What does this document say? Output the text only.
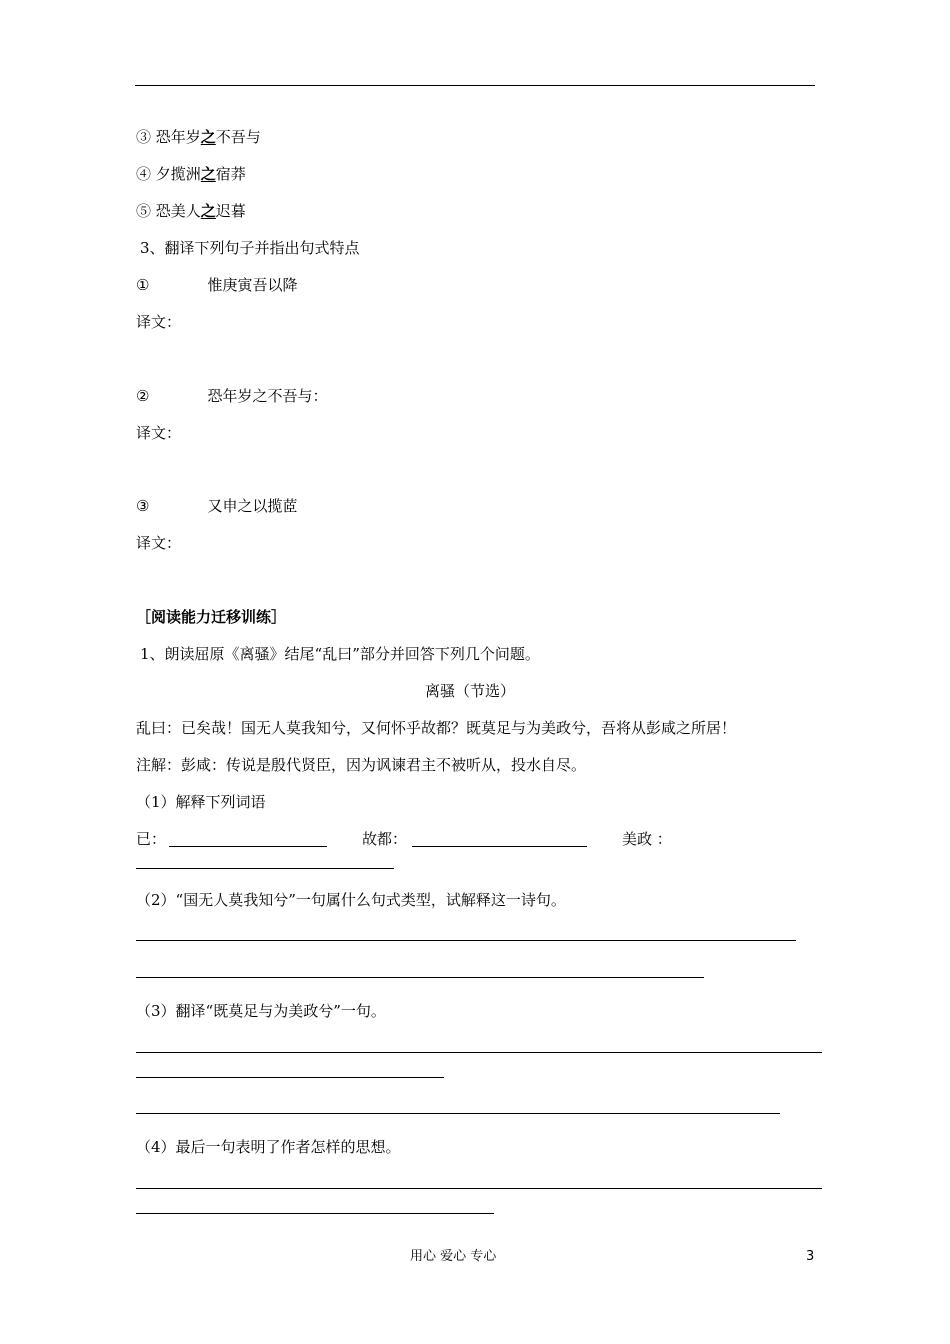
③ 恐年岁之不吾与
④ 夕揽洲之宿莽
⑤ 恐美人之迟暮
3、翻译下列句子并指出句式特点
①	惟庚寅吾以降
译文：
②	恐年岁之不吾与：
译文：
③	又申之以揽茝
译文：
［阅读能力迁移训练］
1、朗读屈原《离骚》结尾“乱曰”部分并回答下列几个问题。
离骚（节选）
乱曰：已矣哉！国无人莫我知兮，又何怀乎故都？既莫足与为美政兮，吾将从彭咸之所居！
注解：彭咸：传说是殷代贤臣，因为讽谏君主不被听从，投水自尽。
（1）解释下列词语
已：	故都：	美政 ：
（2）“国无人莫我知兮”一句属什么句式类型，试解释这一诗句。
（3）翻译“既莫足与为美政兮”一句。
（4）最后一句表明了作者怎样的思想。
用心 爱心 专心	3
